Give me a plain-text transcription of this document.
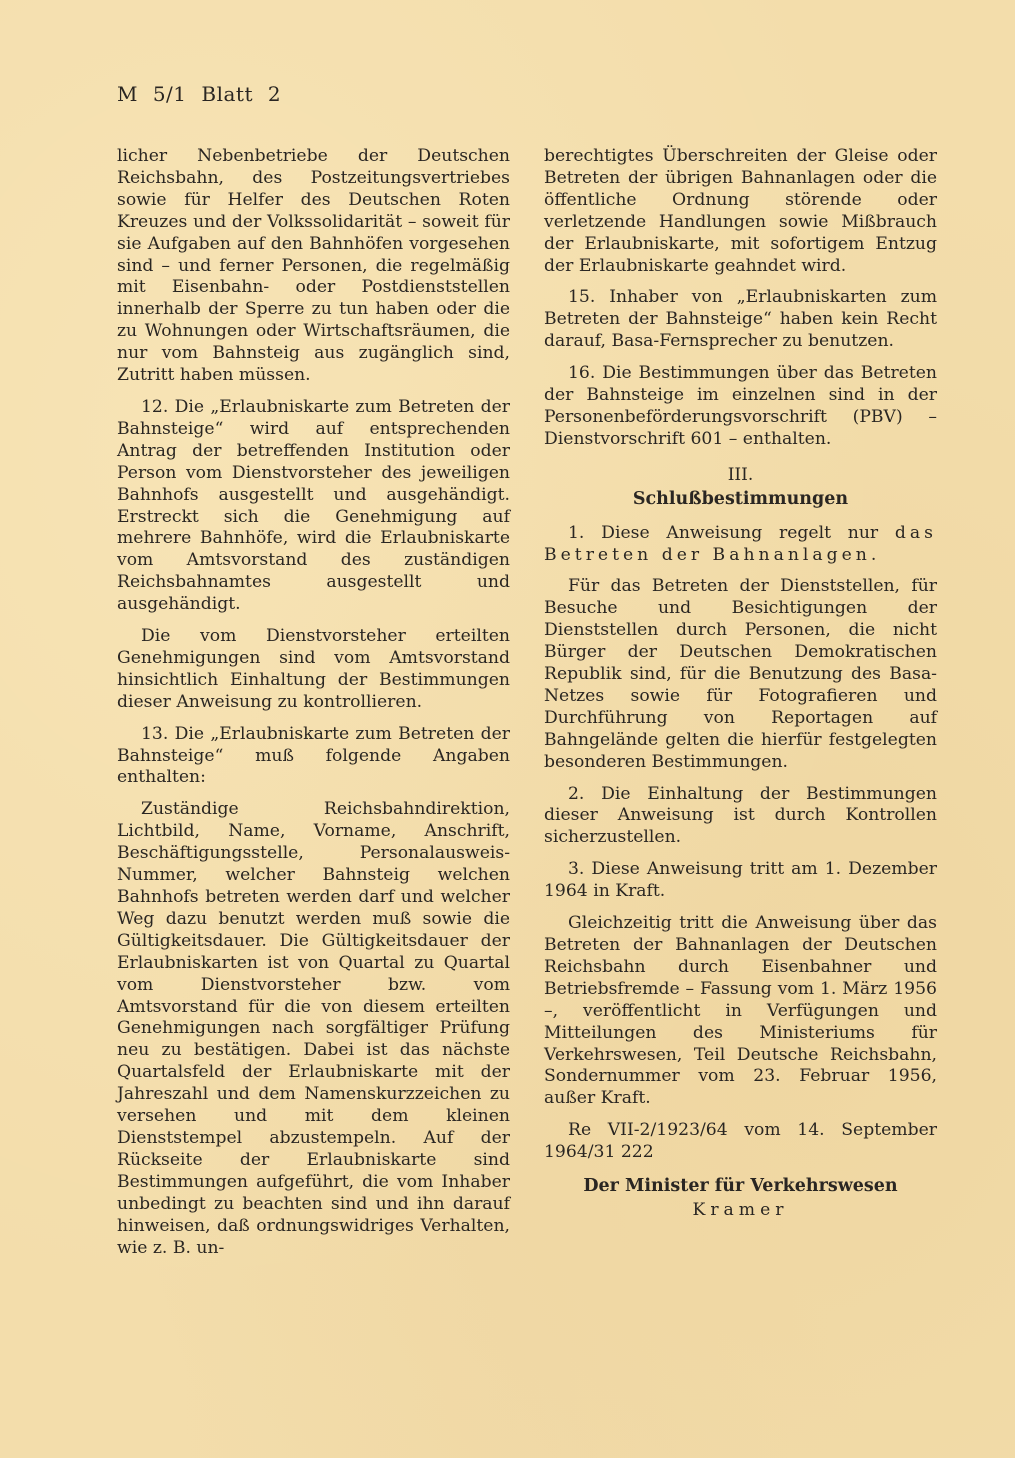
M 5/1 Blatt 2

licher Nebenbetriebe der Deutschen Reichsbahn, des Postzeitungsvertriebes sowie für Helfer des Deutschen Roten Kreuzes und der Volkssolidarität – soweit für sie Aufgaben auf den Bahnhöfen vorgesehen sind – und ferner Personen, die regelmäßig mit Eisenbahn- oder Postdienststellen innerhalb der Sperre zu tun haben oder die zu Wohnungen oder Wirtschaftsräumen, die nur vom Bahnsteig aus zugänglich sind, Zutritt haben müssen.

12. Die „Erlaubniskarte zum Betreten der Bahnsteige“ wird auf entsprechenden Antrag der betreffenden Institution oder Person vom Dienstvorsteher des jeweiligen Bahnhofs ausgestellt und ausgehändigt. Erstreckt sich die Genehmigung auf mehrere Bahnhöfe, wird die Erlaubniskarte vom Amtsvorstand des zuständigen Reichsbahnamtes ausgestellt und ausgehändigt.

Die vom Dienstvorsteher erteilten Genehmigungen sind vom Amtsvorstand hinsichtlich Einhaltung der Bestimmungen dieser Anweisung zu kontrollieren.

13. Die „Erlaubniskarte zum Betreten der Bahnsteige“ muß folgende Angaben enthalten:

Zuständige Reichsbahndirektion, Lichtbild, Name, Vorname, Anschrift, Beschäftigungsstelle, Personalausweis-Nummer, welcher Bahnsteig welchen Bahnhofs betreten werden darf und welcher Weg dazu benutzt werden muß sowie die Gültigkeitsdauer. Die Gültigkeitsdauer der Erlaubniskarten ist von Quartal zu Quartal vom Dienstvorsteher bzw. vom Amtsvorstand für die von diesem erteilten Genehmigungen nach sorgfältiger Prüfung neu zu bestätigen. Dabei ist das nächste Quartalsfeld der Erlaubniskarte mit der Jahreszahl und dem Namenskurzzeichen zu versehen und mit dem kleinen Dienststempel abzustempeln. Auf der Rückseite der Erlaubniskarte sind Bestimmungen aufgeführt, die vom Inhaber unbedingt zu beachten sind und ihn darauf hinweisen, daß ordnungswidriges Verhalten, wie z. B. un-

berechtigtes Überschreiten der Gleise oder Betreten der übrigen Bahnanlagen oder die öffentliche Ordnung störende oder verletzende Handlungen sowie Mißbrauch der Erlaubniskarte, mit sofortigem Entzug der Erlaubniskarte geahndet wird.

15. Inhaber von „Erlaubniskarten zum Betreten der Bahnsteige“ haben kein Recht darauf, Basa-Fernsprecher zu benutzen.

16. Die Bestimmungen über das Betreten der Bahnsteige im einzelnen sind in der Personenbeförderungsvorschrift (PBV) – Dienstvorschrift 601 – enthalten.

III.
Schlußbestimmungen

1. Diese Anweisung regelt nur das Betreten der Bahnanlagen.

Für das Betreten der Dienststellen, für Besuche und Besichtigungen der Dienststellen durch Personen, die nicht Bürger der Deutschen Demokratischen Republik sind, für die Benutzung des Basa-Netzes sowie für Fotografieren und Durchführung von Reportagen auf Bahngelände gelten die hierfür festgelegten besonderen Bestimmungen.

2. Die Einhaltung der Bestimmungen dieser Anweisung ist durch Kontrollen sicherzustellen.

3. Diese Anweisung tritt am 1. Dezember 1964 in Kraft.

Gleichzeitig tritt die Anweisung über das Betreten der Bahnanlagen der Deutschen Reichsbahn durch Eisenbahner und Betriebsfremde – Fassung vom 1. März 1956 –, veröffentlicht in Verfügungen und Mitteilungen des Ministeriums für Verkehrswesen, Teil Deutsche Reichsbahn, Sondernummer vom 23. Februar 1956, außer Kraft.

Re VII-2/1923/64 vom 14. September 1964/31 222

Der Minister für Verkehrswesen
Kramer
